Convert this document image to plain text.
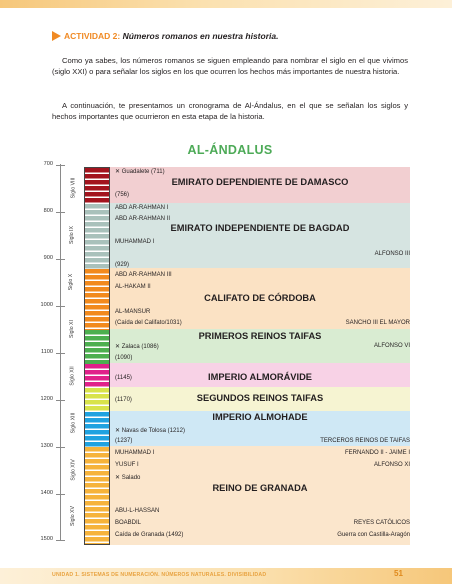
ACTIVIDAD 2: Números romanos en nuestra historia.

Como ya sabes, los números romanos se siguen empleando para nombrar el siglo en el que vivimos (siglo XXI) o para señalar los siglos en los que ocurren los hechos más importantes de nuestra historia.

A continuación, te presentamos un cronograma de Al-Ándalus, en el que se señalan los siglos y hechos importantes que ocurrieron en esta etapa de la historia.

AL-ÁNDALUS
700
800
900
1000
1100
1200
1300
1400
1500
Siglo VIII
Siglo IX
Siglo X
Siglo XI
Siglo XII
Siglo XIII
Siglo XIV
Siglo XV
EMIRATO DEPENDIENTE DE DAMASCO
EMIRATO INDEPENDIENTE DE BAGDAD
CALIFATO DE CÓRDOBA
PRIMEROS REINOS TAIFAS
IMPERIO ALMORÁVIDE
SEGUNDOS REINOS TAIFAS
IMPERIO ALMOHADE
REINO DE GRANADA
✕ Guadalete (711)
(756)
ABD AR-RAHMAN I
ABD AR-RAHMAN II
MUHAMMAD I
ALFONSO III
(929)
ABD AR-RAHMAN III
AL-HAKAM II
AL-MANSUR
(Caída del Califato/1031)	SANCHO III EL MAYOR
✕ Zalaca (1086)	ALFONSO VI
(1090)
(1145)
(1170)
✕ Navas de Tolosa (1212)
(1237)	TERCEROS REINOS DE TAIFAS
MUHAMMAD I	FERNANDO II - JAIME I
YUSUF I	ALFONSO XI
✕ Salado
ABU-L-HASSAN
BOABDIL	REYES CATÓLICOS
Caída de Granada (1492)	Guerra con Castilla-Aragón
UNIDAD 1. SISTEMAS DE NUMERACIÓN. NÚMEROS NATURALES. DIVISIBILIDAD	51
